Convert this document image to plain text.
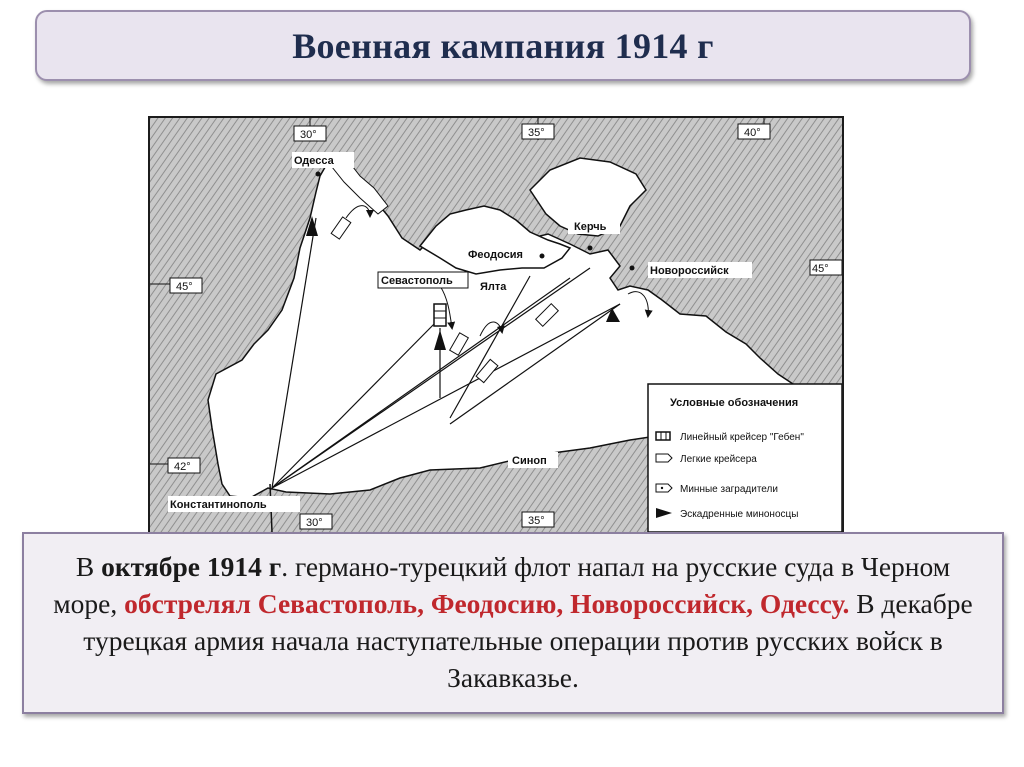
Военная кампания 1914 г
30°	35°	40°
45°
45°
42°
30°	35°
Одесса
Севастополь
Феодосия
Ялта
Керчь
Новороссийск
Синоп
Константинополь
Условные обозначения
Линейный крейсер "Гебен"
Легкие крейсера
Минные заградители
Эскадренные миноносцы
В октябре 1914 г. германо-турецкий флот напал на русские суда в Черном море, обстрелял Севастополь, Феодосию, Новороссийск, Одессу. В декабре турецкая армия начала наступательные операции против русских войск в Закавказье.
